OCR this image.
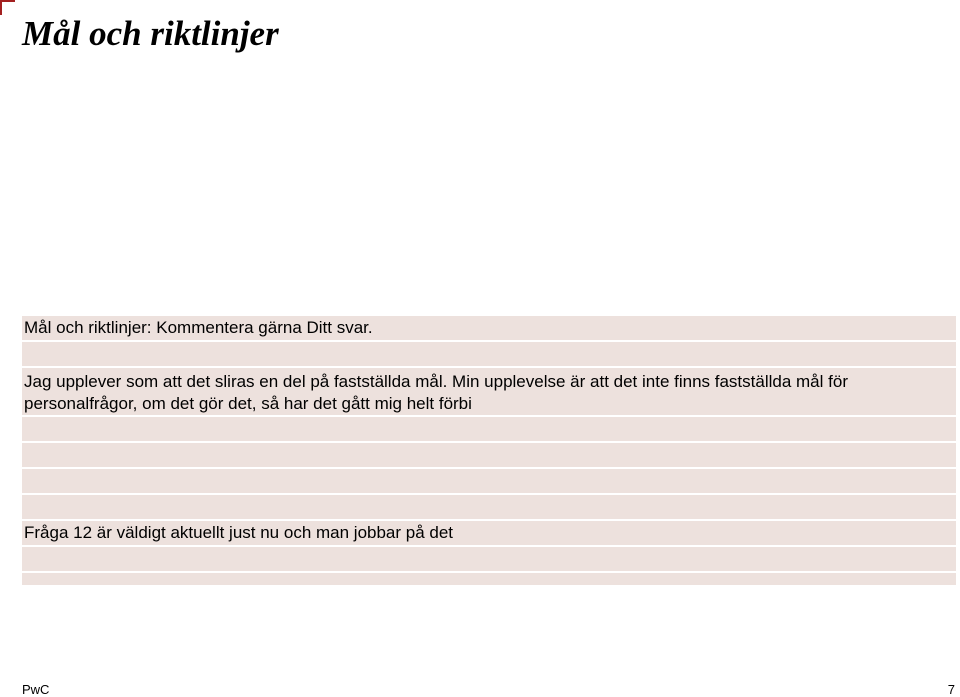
Mål och riktlinjer
Mål och riktlinjer: Kommentera gärna Ditt svar.
Jag upplever som att det sliras en del på fastställda mål. Min upplevelse är att det inte finns fastställda mål för personalfrågor, om det gör det, så har det gått mig helt förbi
Fråga 12 är väldigt aktuellt just nu och man jobbar på det
PwC	7
